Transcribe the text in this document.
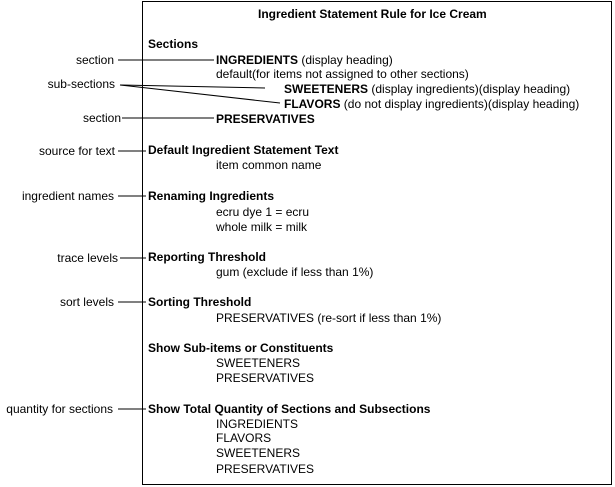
section
sub-sections
section
source for text
ingredient names
trace levels
sort levels
quantity for sections
Ingredient Statement Rule for Ice Cream
Sections
INGREDIENTS (display heading)
default(for items not assigned to other sections)
SWEETENERS (display ingredients)(display heading)
FLAVORS (do not display ingredients)(display heading)
PRESERVATIVES
Default Ingredient Statement Text
item common name
Renaming Ingredients
ecru dye 1 = ecru
whole milk = milk
Reporting Threshold
gum (exclude if less than 1%)
Sorting Threshold
PRESERVATIVES (re-sort if less than 1%)
Show Sub-items or Constituents
SWEETENERS
PRESERVATIVES
Show Total Quantity of Sections and Subsections
INGREDIENTS
FLAVORS
SWEETENERS
PRESERVATIVES
